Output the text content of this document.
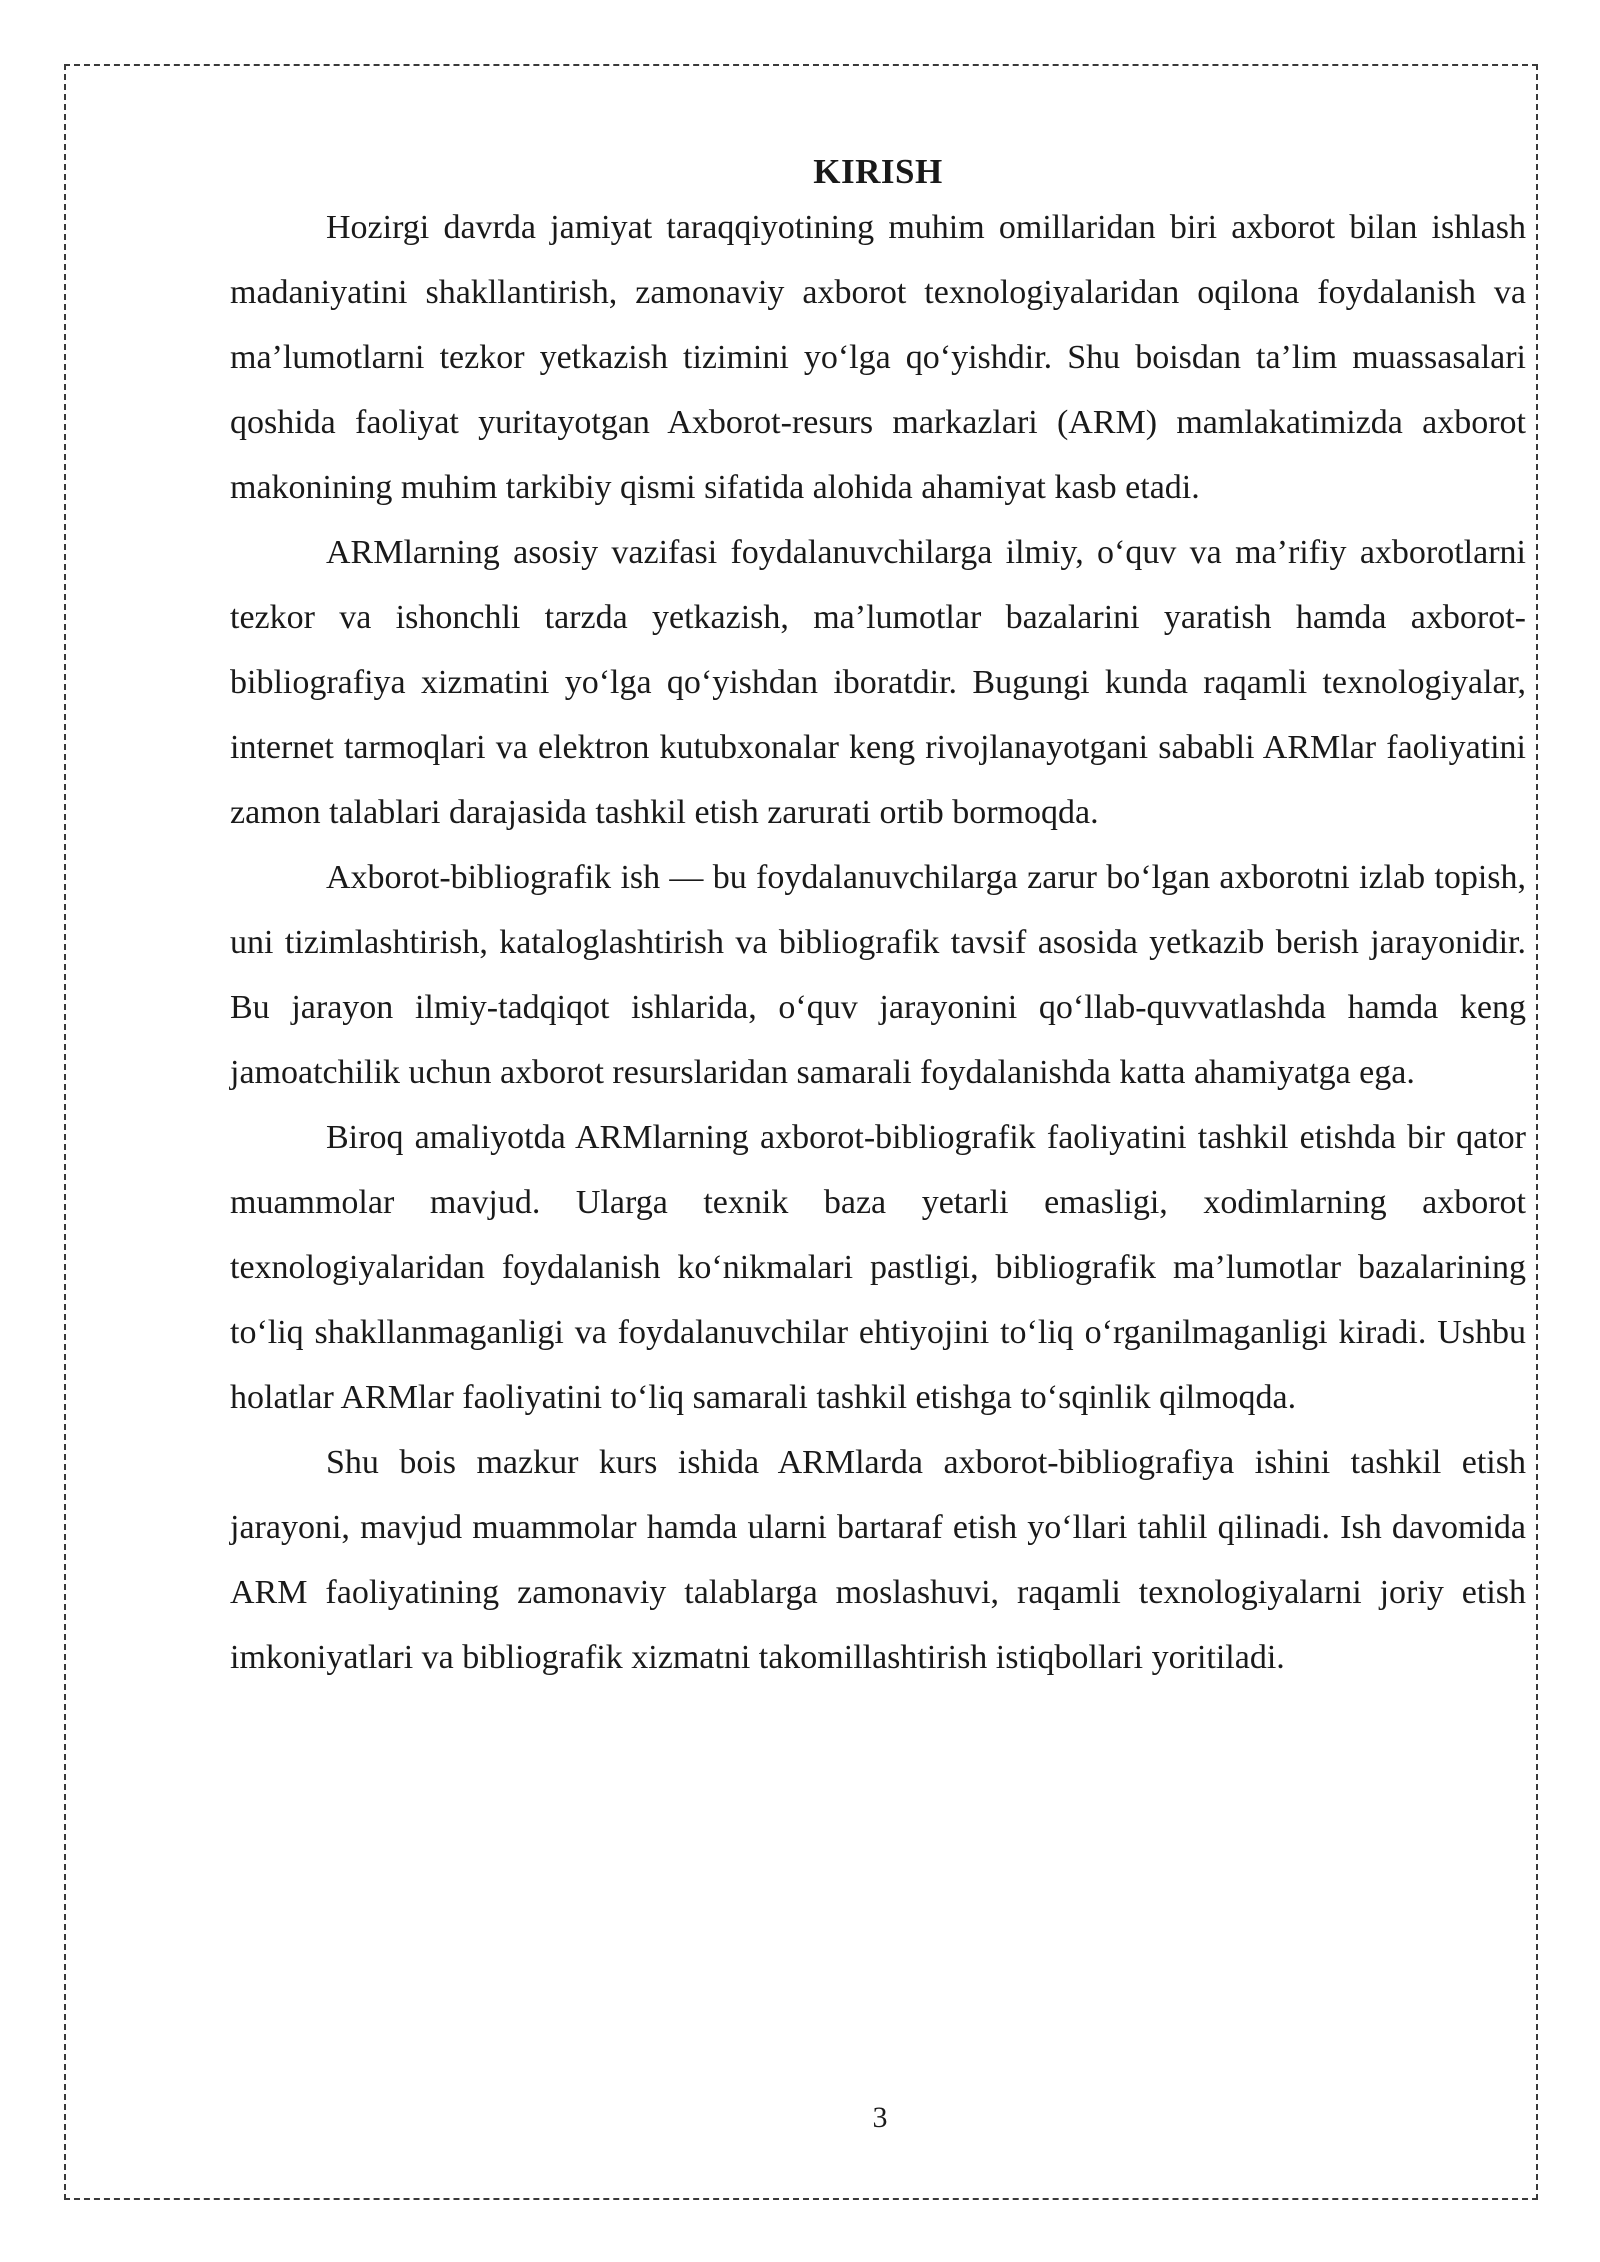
KIRISH

Hozirgi davrda jamiyat taraqqiyotining muhim omillaridan biri axborot bilan ishlash madaniyatini shakllantirish, zamonaviy axborot texnologiyalaridan oqilona foydalanish va ma’lumotlarni tezkor yetkazish tizimini yo‘lga qo‘yishdir. Shu boisdan ta’lim muassasalari qoshida faoliyat yuritayotgan Axborot-resurs markazlari (ARM) mamlakatimizda axborot makonining muhim tarkibiy qismi sifatida alohida ahamiyat kasb etadi.

ARMlarning asosiy vazifasi foydalanuvchilarga ilmiy, o‘quv va ma’rifiy axborotlarni tezkor va ishonchli tarzda yetkazish, ma’lumotlar bazalarini yaratish hamda axborot-bibliografiya xizmatini yo‘lga qo‘yishdan iboratdir. Bugungi kunda raqamli texnologiyalar, internet tarmoqlari va elektron kutubxonalar keng rivojlanayotgani sababli ARMlar faoliyatini zamon talablari darajasida tashkil etish zarurati ortib bormoqda.

Axborot-bibliografik ish — bu foydalanuvchilarga zarur bo‘lgan axborotni izlab topish, uni tizimlashtirish, kataloglashtirish va bibliografik tavsif asosida yetkazib berish jarayonidir. Bu jarayon ilmiy-tadqiqot ishlarida, o‘quv jarayonini qo‘llab-quvvatlashda hamda keng jamoatchilik uchun axborot resurslaridan samarali foydalanishda katta ahamiyatga ega.

Biroq amaliyotda ARMlarning axborot-bibliografik faoliyatini tashkil etishda bir qator muammolar mavjud. Ularga texnik baza yetarli emasligi, xodimlarning axborot texnologiyalaridan foydalanish ko‘nikmalari pastligi, bibliografik ma’lumotlar bazalarining to‘liq shakllanmaganligi va foydalanuvchilar ehtiyojini to‘liq o‘rganilmaganligi kiradi. Ushbu holatlar ARMlar faoliyatini to‘liq samarali tashkil etishga to‘sqinlik qilmoqda.

Shu bois mazkur kurs ishida ARMlarda axborot-bibliografiya ishini tashkil etish jarayoni, mavjud muammolar hamda ularni bartaraf etish yo‘llari tahlil qilinadi. Ish davomida ARM faoliyatining zamonaviy talablarga moslashuvi, raqamli texnologiyalarni joriy etish imkoniyatlari va bibliografik xizmatni takomillashtirish istiqbollari yoritiladi.

3
